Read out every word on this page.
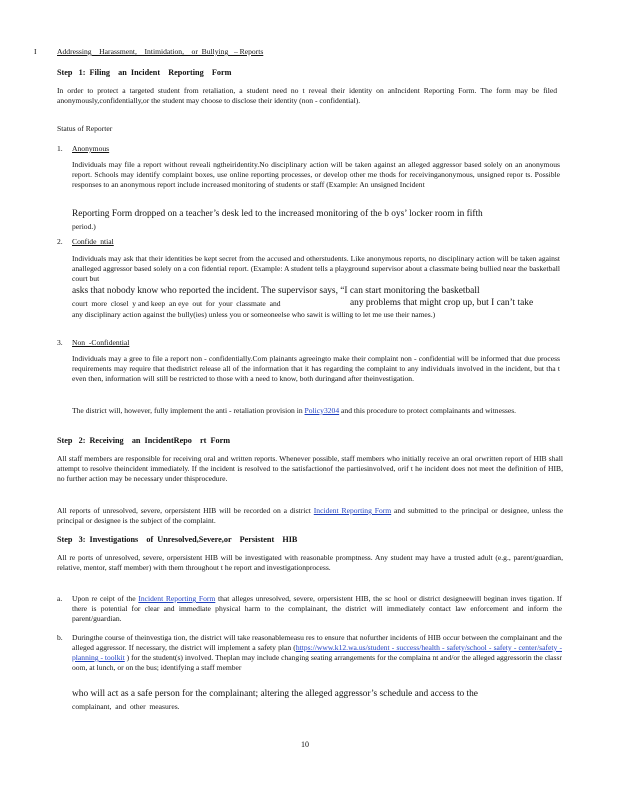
I	Addressing    Harassment,    Intimidation,    or  Bullying   – Reports
Step   1:  Filing    an  Incident    Reporting    Form
In order to protect a targeted student from retaliation, a student need no t reveal their identity on anIncident Reporting Form. The form may be filed anonymously,confidentially,or the student may choose to disclose their identity (non - confidential).
Status of Reporter
1. Anonymous
Individuals may file a report without reveali ngtheiridentity.No disciplinary action will be taken against an alleged aggressor based solely on an anonymous report. Schools may identify complaint boxes, use online reporting processes, or develop other me thods for receivinganonymous, unsigned repor ts. Possible responses to an anonymous report include increased monitoring of students or staff (Example: An unsigned Incident
Reporting Form dropped on a teacher’s desk led to the increased monitoring of the b oys’ locker room in fifth
period.)
2. Confide  ntial
Individuals may ask that their identities be kept secret from the accused and otherstudents. Like anonymous reports, no disciplinary action will be taken against analleged aggressor based solely on a con fidential report. (Example: A student tells a playground supervisor about a classmate being bullied near the basketball court but
asks that nobody know who reported the incident. The supervisor says, “I can start monitoring the basketball
court  more  closel  y and keep  an eye  out  for  your  classmate  and	any problems that might crop up, but I can’t take
any disciplinary action against the bully(ies) unless you or someoneelse who sawit is willing to let me use their names.)
3. Non  -Confidential
Individuals may a gree to file a report non - confidentially.Com plainants agreeingto make their complaint non - confidential will be informed that due process requirements may require that thedistrict release all of the information that it has regarding the complaint to any individuals involved in the incident, but tha t even then, information will still be restricted to those with a need to know, both duringand after theinvestigation.
The district will, however, fully implement the anti - retaliation provision in Policy3204 and this procedure to protect complainants and witnesses.
Step   2:  Receiving    an  IncidentRepo    rt  Form
All staff members are responsible for receiving oral and written reports. Whenever possible, staff members who initially receive an oral orwritten report of HIB shall attempt to resolve theincident immediately. If the incident is resolved to the satisfactionof the partiesinvolved, orif t he incident does not meet the definition of HIB, no further action may be necessary under thisprocedure.
All reports of unresolved, severe, orpersistent HIB will be recorded on a district Incident Reporting Form and submitted to the principal or designee, unless the principal or designee is the subject of the complaint.
Step   3:  Investigations    of  Unresolved,Severe,or    Persistent    HIB
All re ports of unresolved, severe, orpersistent HIB will be investigated with reasonable promptness. Any student may have a trusted adult (e.g., parent/guardian, relative, mentor, staff member) with them throughout t he report and investigationprocess.
a. Upon re ceipt of the Incident Reporting Form that alleges unresolved, severe, orpersistent HIB, the sc hool or district designeewill beginan inves tigation. If there is potential for clear and immediate physical harm to the complainant, the district will immediately contact law enforcement and inform the parent/guardian.
b. Duringthe course of theinvestiga tion, the district will take reasonablemeasu res to ensure that nofurther incidents of HIB occur between the complainant and the alleged aggressor. If necessary, the district will implement a safety plan (https://www.k12.wa.us/student - success/health - safety/school - safety - center/safety - planning - toolkit ) for the student(s) involved. Theplan may include changing seating arrangements for the complaina nt and/or the alleged aggressorin the classr oom, at lunch, or on the bus; identifying a staff member
who will act as a safe person for the complainant; altering the alleged aggressor’s schedule and access to the
complainant,  and  other  measures.
10
